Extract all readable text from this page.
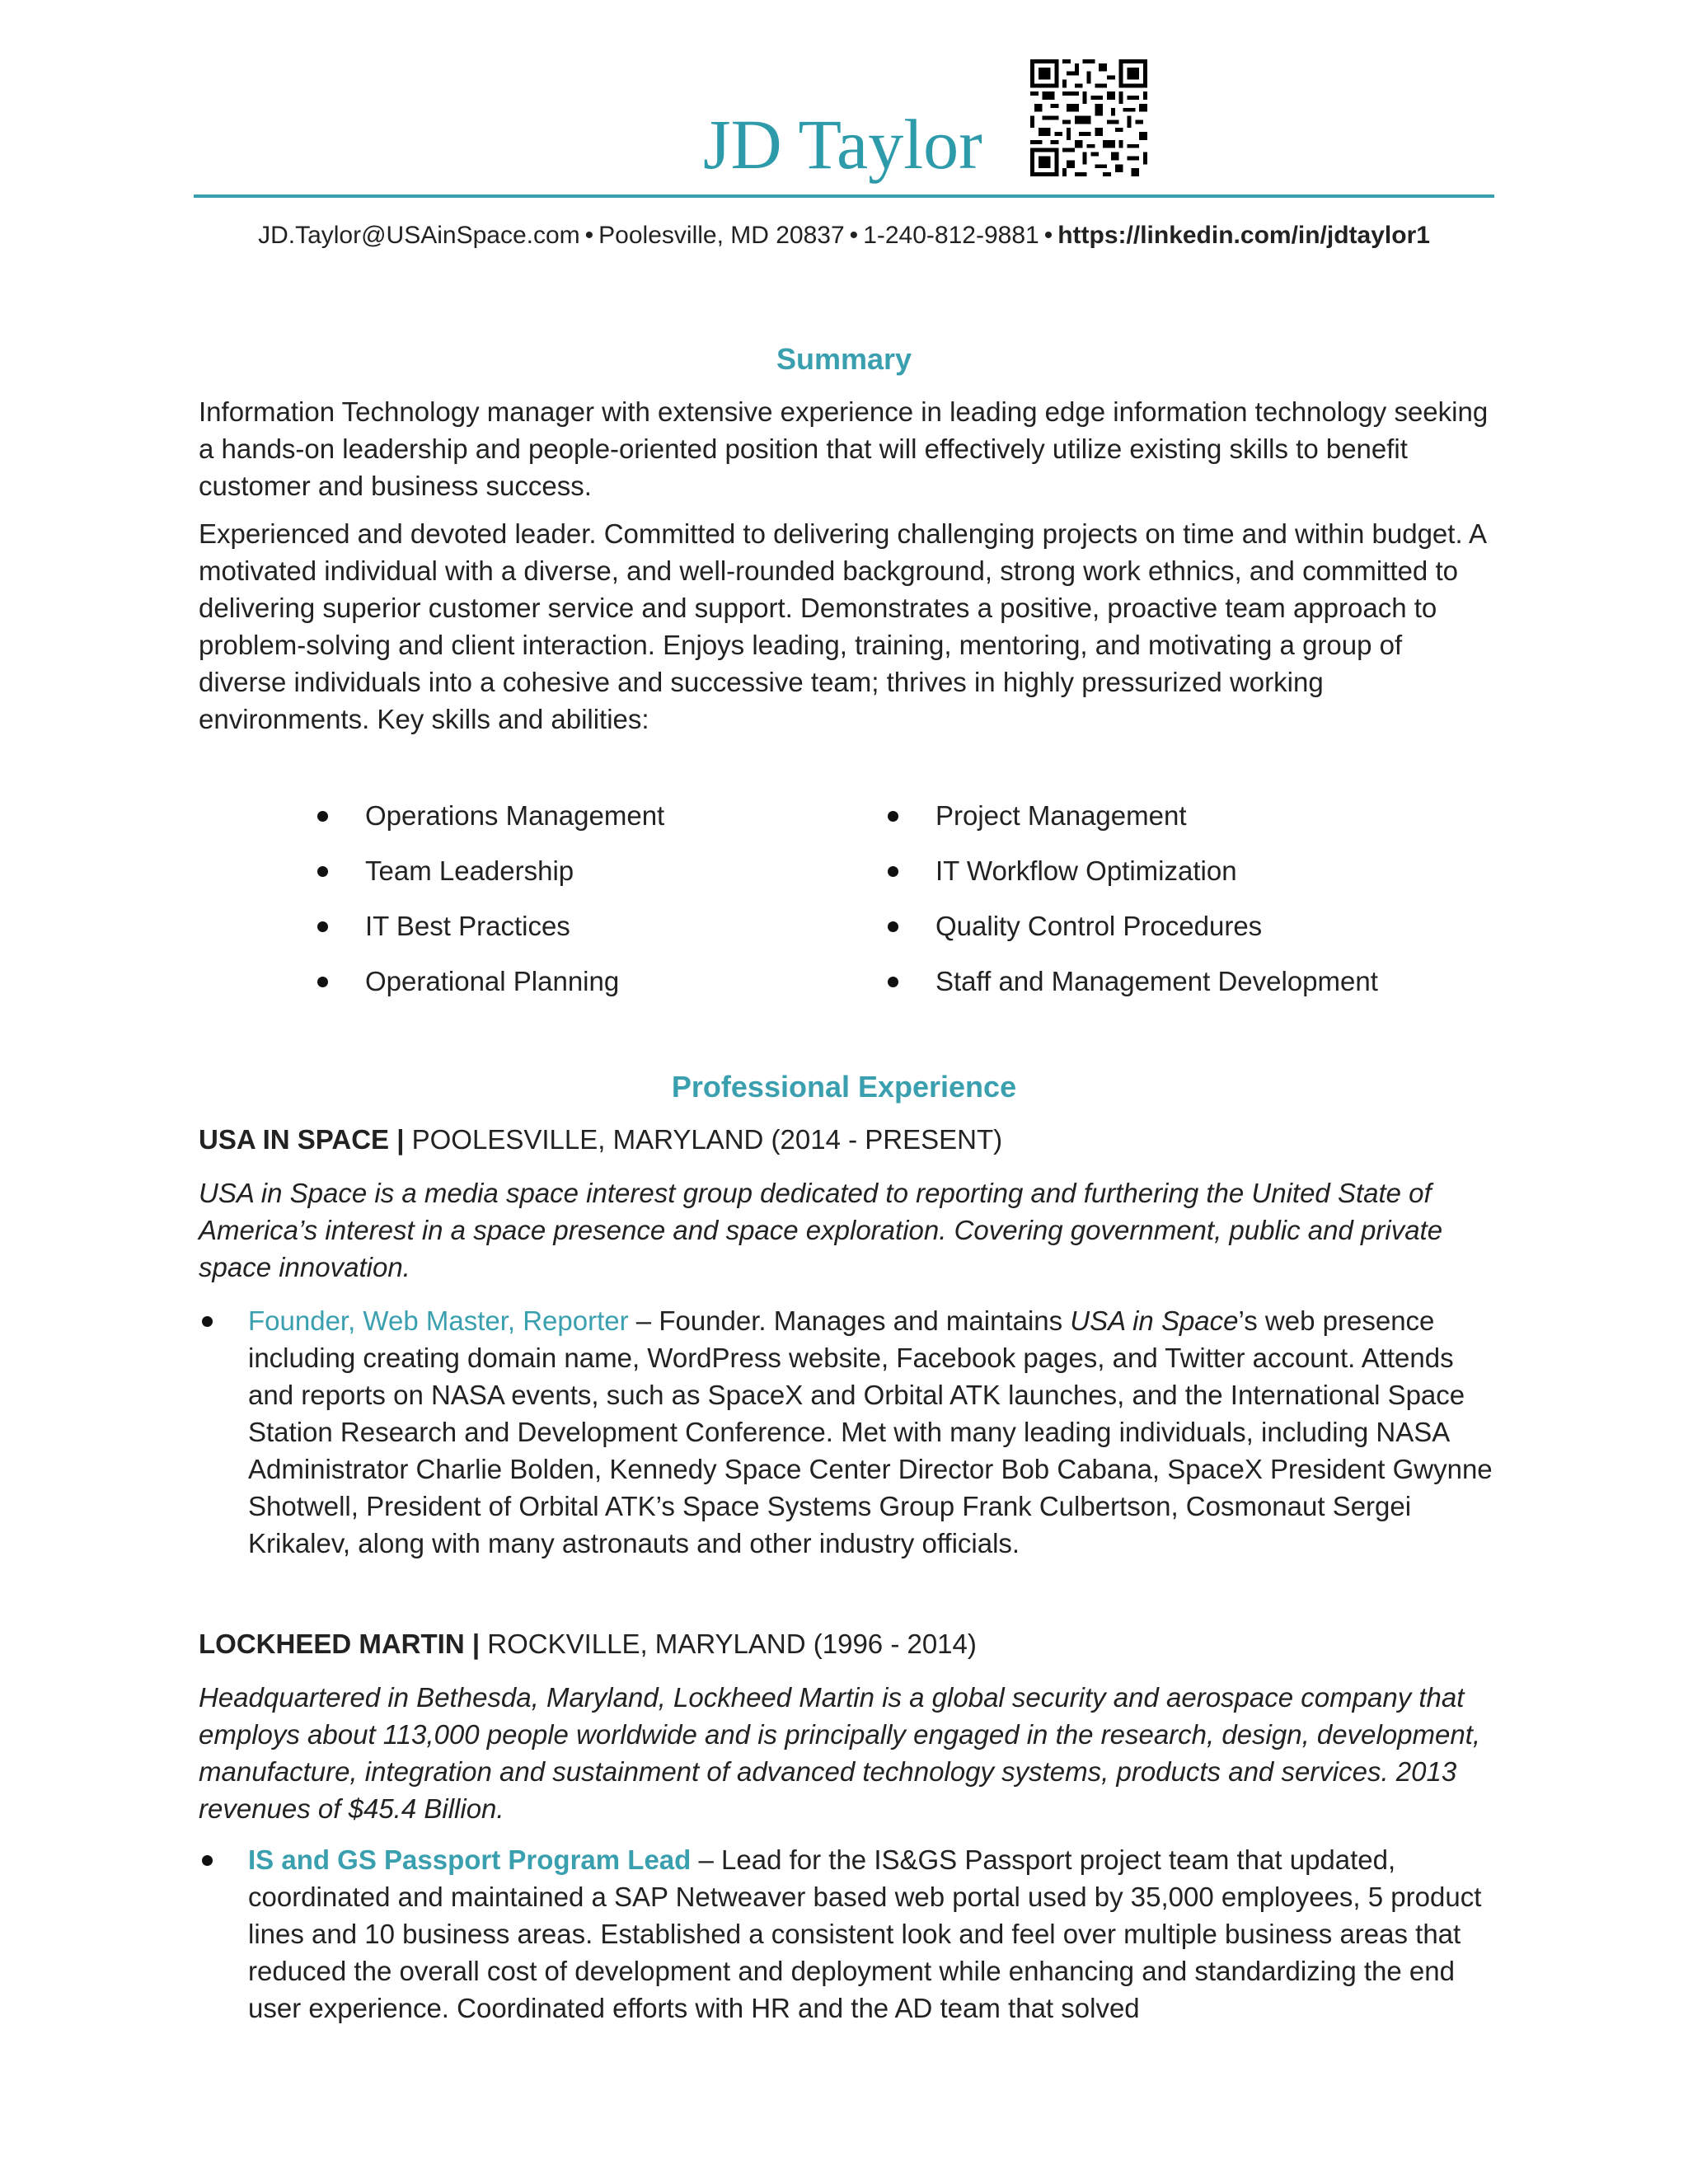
JD Taylor
JD.Taylor@USAinSpace.com • Poolesville, MD 20837 • 1-240-812-9881 • https://linkedin.com/in/jdtaylor1
Summary

Information Technology manager with extensive experience in leading edge information technology seeking a hands-on leadership and people-oriented position that will effectively utilize existing skills to benefit customer and business success.

Experienced and devoted leader. Committed to delivering challenging projects on time and within budget. A motivated individual with a diverse, and well-rounded background, strong work ethnics, and committed to delivering superior customer service and support. Demonstrates a positive, proactive team approach to problem-solving and client interaction. Enjoys leading, training, mentoring, and motivating a group of diverse individuals into a cohesive and successive team; thrives in highly pressurized working environments. Key skills and abilities:

Operations Management
Team Leadership
IT Best Practices
Operational Planning
Project Management
IT Workflow Optimization
Quality Control Procedures
Staff and Management Development
Professional Experience
USA IN SPACE | POOLESVILLE, MARYLAND (2014 - PRESENT)

USA in Space is a media space interest group dedicated to reporting and furthering the United State of America’s interest in a space presence and space exploration. Covering government, public and private space innovation.

Founder, Web Master, Reporter – Founder. Manages and maintains USA in Space’s web presence including creating domain name, WordPress website, Facebook pages, and Twitter account. Attends and reports on NASA events, such as SpaceX and Orbital ATK launches, and the International Space Station Research and Development Conference. Met with many leading individuals, including NASA Administrator Charlie Bolden, Kennedy Space Center Director Bob Cabana, SpaceX President Gwynne Shotwell, President of Orbital ATK’s Space Systems Group Frank Culbertson, Cosmonaut Sergei Krikalev, along with many astronauts and other industry officials.

LOCKHEED MARTIN | ROCKVILLE, MARYLAND (1996 - 2014)

Headquartered in Bethesda, Maryland, Lockheed Martin is a global security and aerospace company that employs about 113,000 people worldwide and is principally engaged in the research, design, development, manufacture, integration and sustainment of advanced technology systems, products and services. 2013 revenues of $45.4 Billion.

IS and GS Passport Program Lead – Lead for the IS&GS Passport project team that updated, coordinated and maintained a SAP Netweaver based web portal used by 35,000 employees, 5 product lines and 10 business areas. Established a consistent look and feel over multiple business areas that reduced the overall cost of development and deployment while enhancing and standardizing the end user experience. Coordinated efforts with HR and the AD team that solved
